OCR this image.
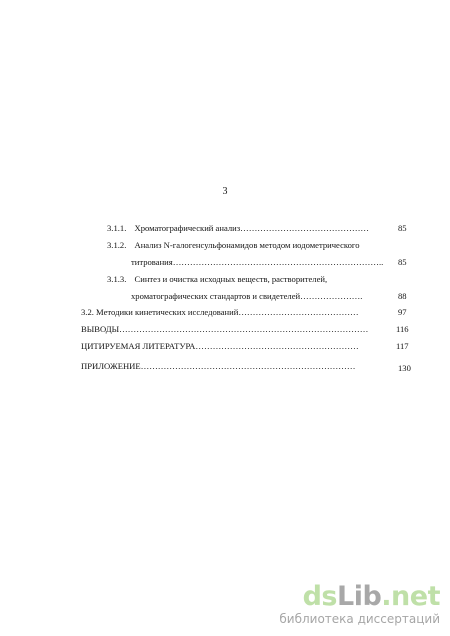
3
3.1.1. Хроматографический анализ………………………………………	85
3.1.2. Анализ N-галогенсульфонамидов методом иодометрического
титрования……………………………………………………………….. 85
3.1.3. Синтез и очистка исходных веществ, растворителей,
хроматографических стандартов и свидетелей………………….	88
3.2. Методики кинетических исследований……………………………………	97
ВЫВОДЫ……………………………………………………………………………	116
ЦИТИРУЕМАЯ ЛИТЕРАТУРА…………………………………………………	117
ПРИЛОЖЕНИЕ…………………………………………………………………	130
dsLib.net
библиотека диссертаций
